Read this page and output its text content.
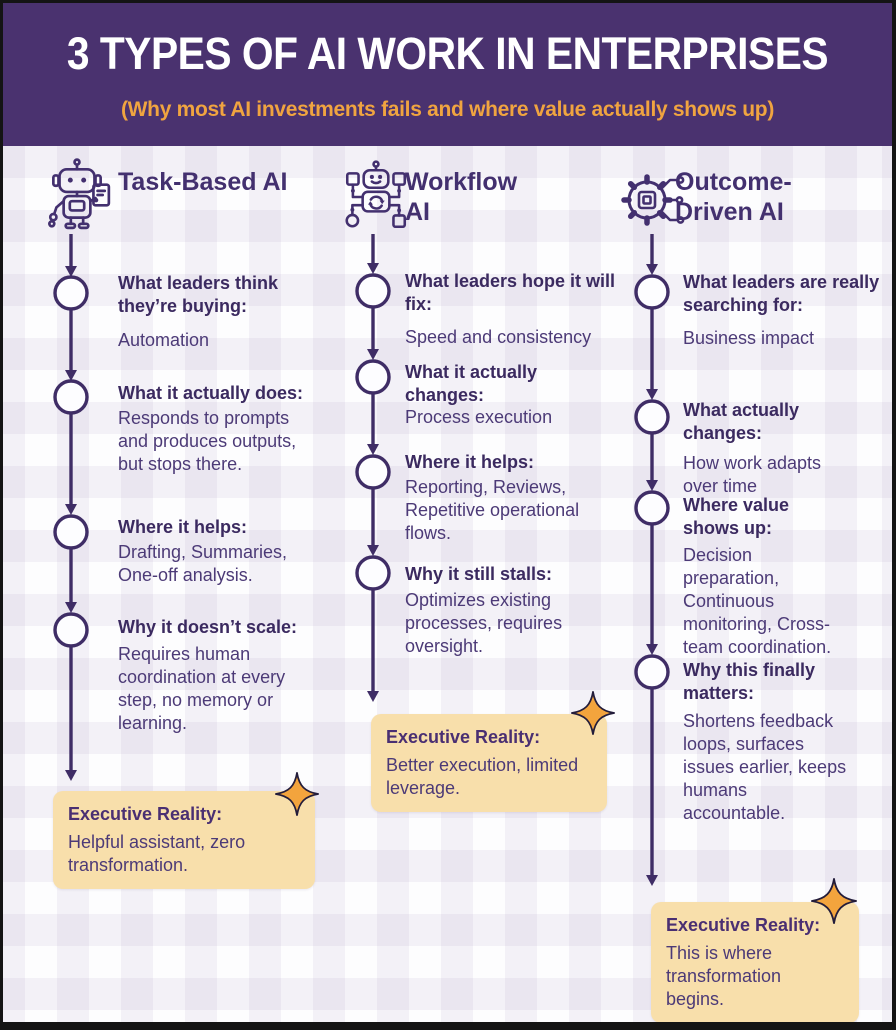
3 TYPES OF AI WORK IN ENTERPRISES

(Why most AI investments fails and where value actually shows up)

Task-Based AI
What leaders think they’re buying:
Automation
What it actually does:
Responds to prompts and produces outputs, but stops there.
Where it helps:
Drafting, Summaries, One-off analysis.
Why it doesn’t scale:
Requires human coordination at every step, no memory or learning.
Executive Reality:
Helpful assistant, zero transformation.
Workflow AI
What leaders hope it will fix:
Speed and consistency
What it actually changes:
Process execution
Where it helps:
Reporting, Reviews, Repetitive operational flows.
Why it still stalls:
Optimizes existing processes, requires oversight.
Executive Reality:
Better execution, limited leverage.
Outcome-Driven AI
What leaders are really searching for:
Business impact
What actually changes:
How work adapts over time
Where value shows up:
Decision preparation, Continuous monitoring, Cross-team coordination.
Why this finally matters:
Shortens feedback loops, surfaces issues earlier, keeps humans accountable.
Executive Reality:
This is where transformation begins.
